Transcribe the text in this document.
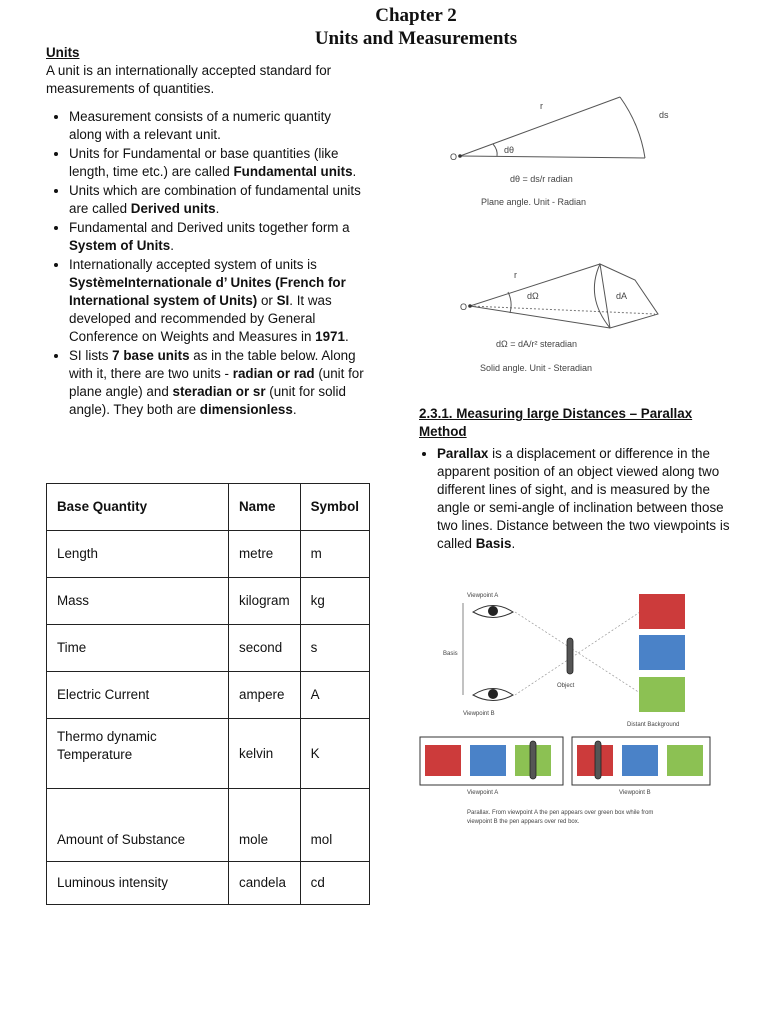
Chapter 2
Units and Measurements
Units
A unit is an internationally accepted standard for measurements of quantities.
• Measurement consists of a numeric quantity along with a relevant unit.
• Units for Fundamental or base quantities (like length, time etc.) are called Fundamental units.
• Units which are combination of fundamental units are called Derived units.
• Fundamental and Derived units together form a System of Units.
• Internationally accepted system of units is SystèmeInternationale d’ Unites (French for International system of Units) or SI. It was developed and recommended by General Conference on Weights and Measures in 1971.
• SI lists 7 base units as in the table below. Along with it, there are two units - radian or rad (unit for plane angle) and steradian or sr (unit for solid angle). They both are dimensionless.
Base Quantity	Name	Symbol
Length	metre	m
Mass	kilogram	kg
Time	second	s
Electric Current	ampere	A
Thermo dynamic Temperature	kelvin	K
Amount of Substance	mole	mol
Luminous intensity	candela	cd
O
r
ds
dθ
dθ = ds/r radian
Plane angle. Unit - Radian
O
r
dΩ	dA
dΩ = dA/r² steradian
Solid angle. Unit - Steradian
2.3.1. Measuring large Distances – Parallax Method
• Parallax is a displacement or difference in the apparent position of an object viewed along two different lines of sight, and is measured by the angle or semi-angle of inclination between those two lines. Distance between the two viewpoints is called Basis.
Viewpoint A
Viewpoint B
Basis
Object
Distant Background
Viewpoint A	Viewpoint B
Parallax. From viewpoint A the pen appears over green box while from
viewpoint B the pen appears over red box.
